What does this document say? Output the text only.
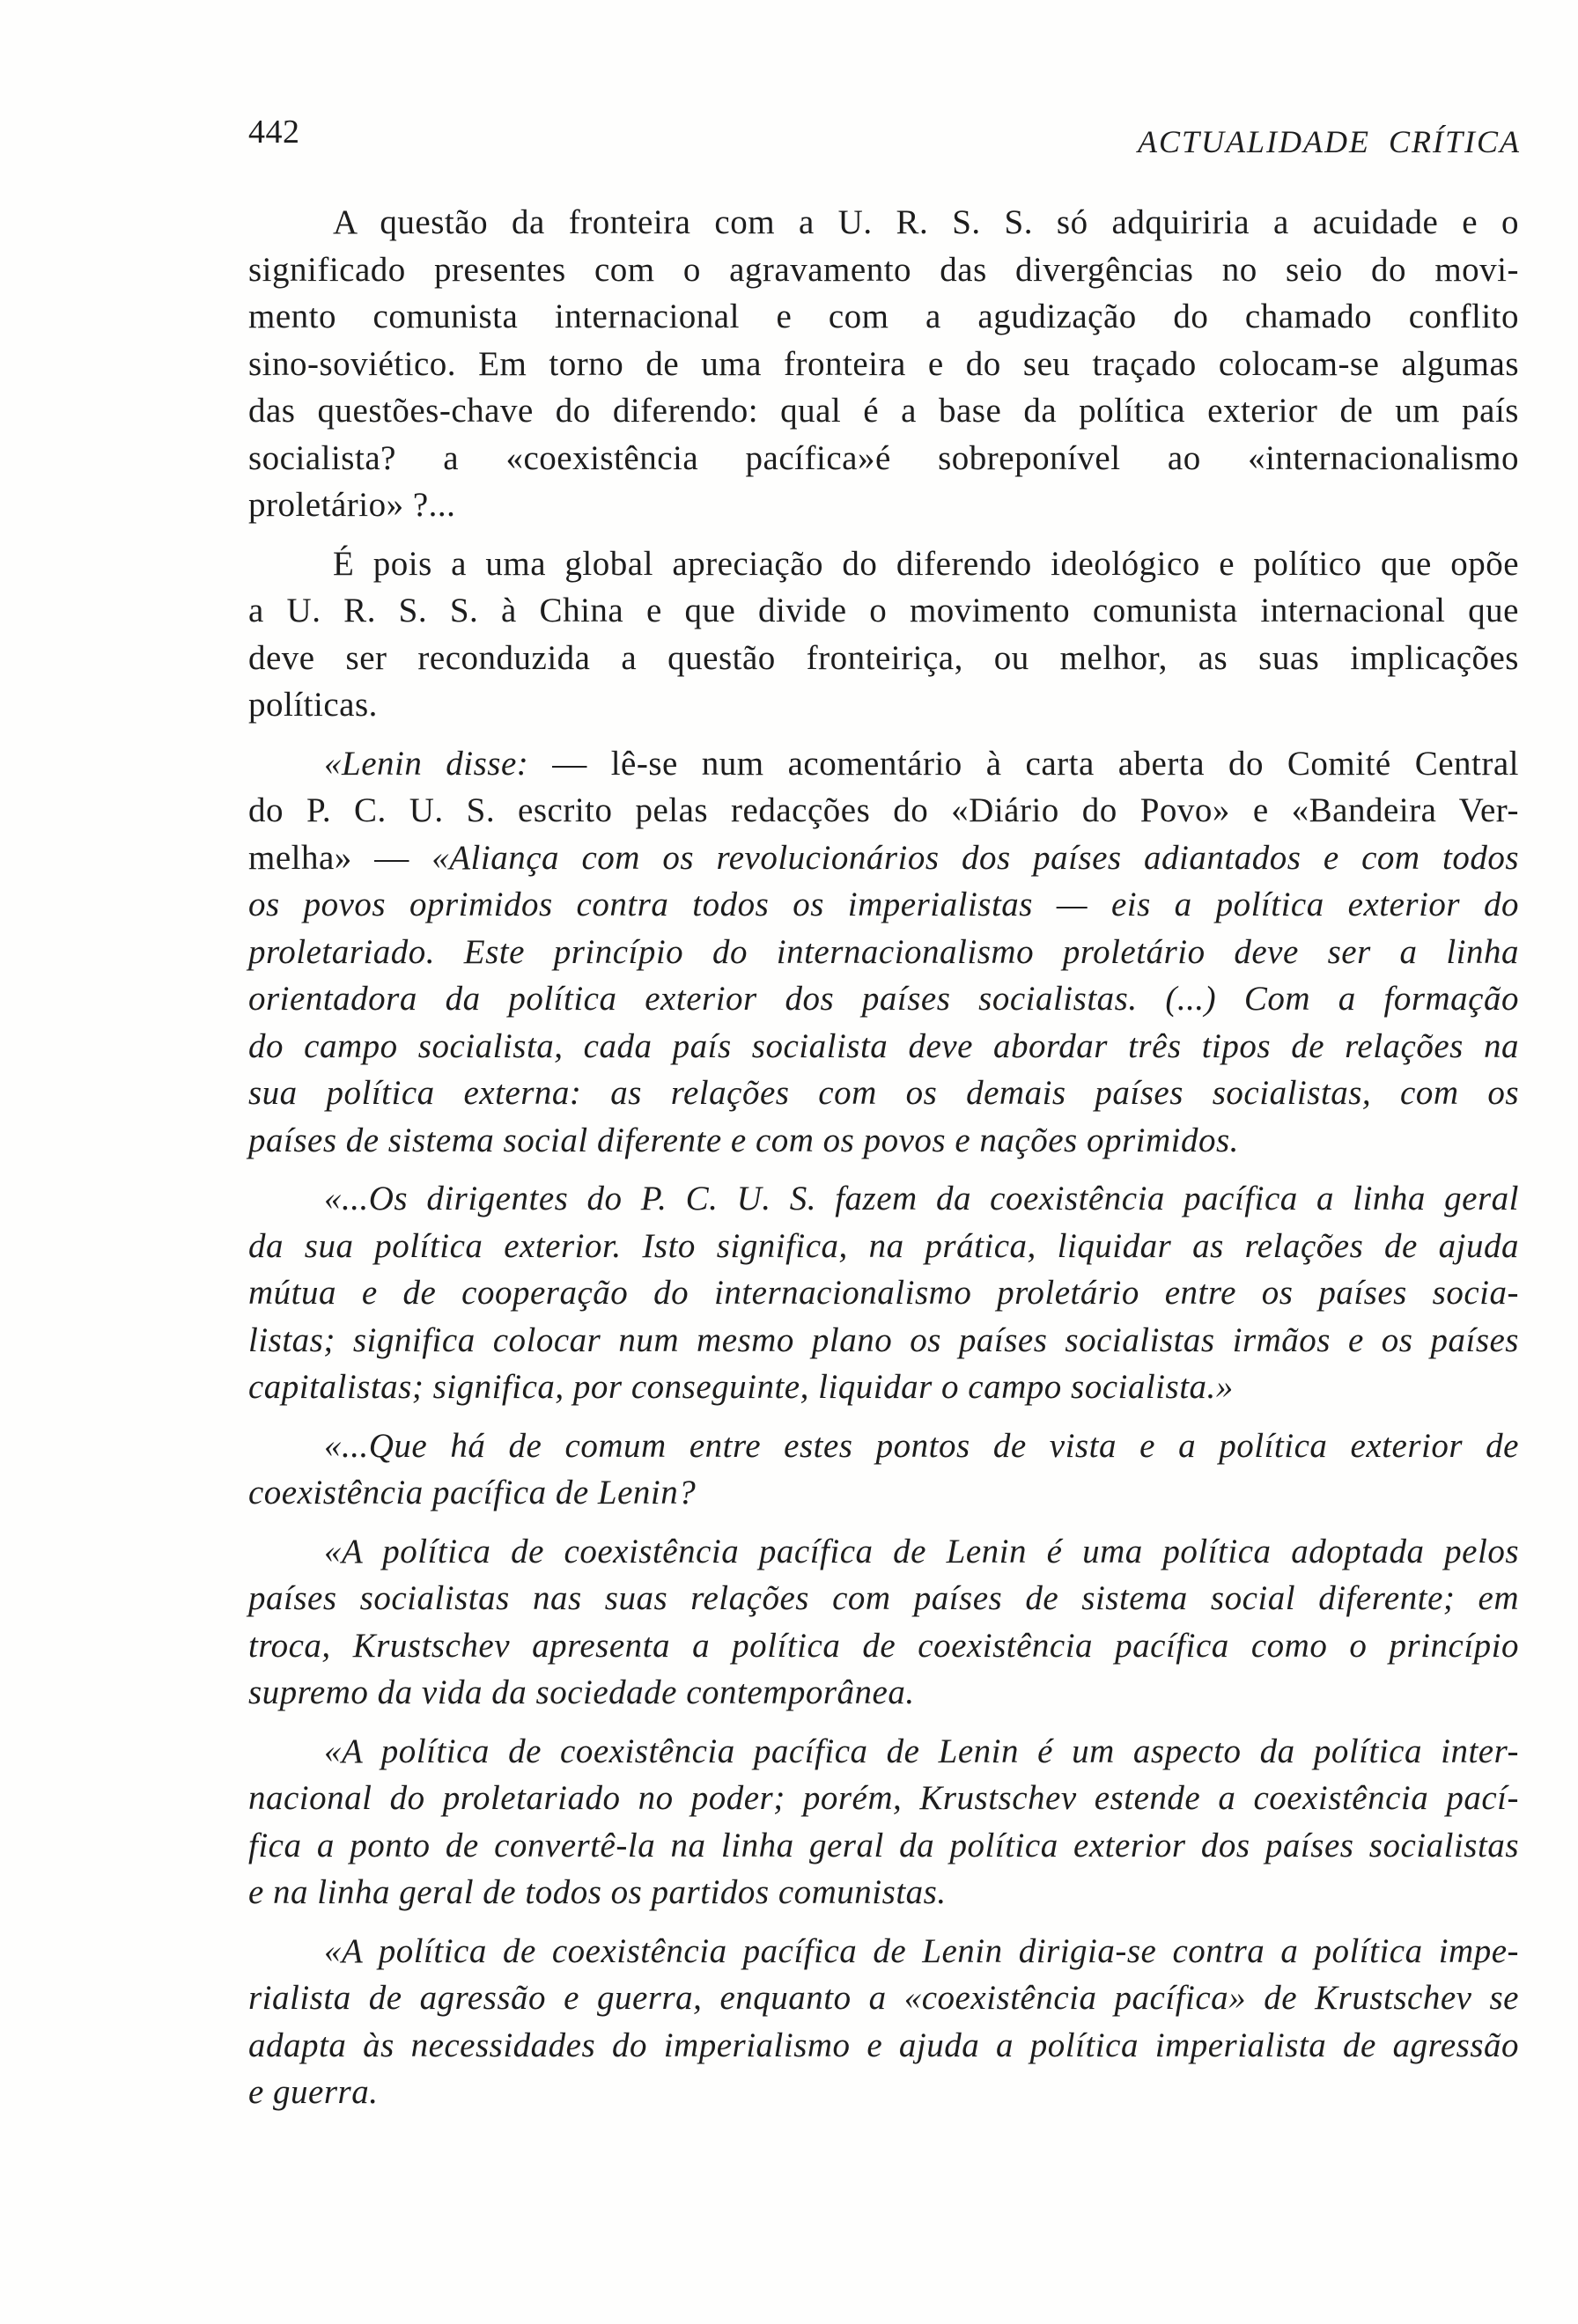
442	ACTUALIDADE CRÍTICA
A questão da fronteira com a U. R. S. S. só adquiriria a acuidade e o
significado presentes com o agravamento das divergências no seio do movi-
mento comunista internacional e com a agudização do chamado conflito
sino-soviético. Em torno de uma fronteira e do seu traçado colocam-se algumas
das questões-chave do diferendo: qual é a base da política exterior de um país
socialista? a «coexistência pacífica»é sobreponível ao «internacionalismo
proletário» ?...
É pois a uma global apreciação do diferendo ideológico e político que opõe
a U. R. S. S. à China e que divide o movimento comunista internacional que
deve ser reconduzida a questão fronteiriça, ou melhor, as suas implicações
políticas.
«Lenin disse: — lê-se num acomentário à carta aberta do Comité Central
do P. C. U. S. escrito pelas redacções do «Diário do Povo» e «Bandeira Ver-
melha» — «Aliança com os revolucionários dos países adiantados e com todos
os povos oprimidos contra todos os imperialistas — eis a política exterior do
proletariado. Este princípio do internacionalismo proletário deve ser a linha
orientadora da política exterior dos países socialistas. (...) Com a formação
do campo socialista, cada país socialista deve abordar três tipos de relações na
sua política externa: as relações com os demais países socialistas, com os
países de sistema social diferente e com os povos e nações oprimidos.
«...Os dirigentes do P. C. U. S. fazem da coexistência pacífica a linha geral
da sua política exterior. Isto significa, na prática, liquidar as relações de ajuda
mútua e de cooperação do internacionalismo proletário entre os países socia-
listas; significa colocar num mesmo plano os países socialistas irmãos e os países
capitalistas; significa, por conseguinte, liquidar o campo socialista.»
«...Que há de comum entre estes pontos de vista e a política exterior de
coexistência pacífica de Lenin?
«A política de coexistência pacífica de Lenin é uma política adoptada pelos
países socialistas nas suas relações com países de sistema social diferente; em
troca, Krustschev apresenta a política de coexistência pacífica como o princípio
supremo da vida da sociedade contemporânea.
«A política de coexistência pacífica de Lenin é um aspecto da política inter-
nacional do proletariado no poder; porém, Krustschev estende a coexistência pací-
fica a ponto de convertê-la na linha geral da política exterior dos países socialistas
e na linha geral de todos os partidos comunistas.
«A política de coexistência pacífica de Lenin dirigia-se contra a política impe-
rialista de agressão e guerra, enquanto a «coexistência pacífica» de Krustschev se
adapta às necessidades do imperialismo e ajuda a política imperialista de agressão
e guerra.
